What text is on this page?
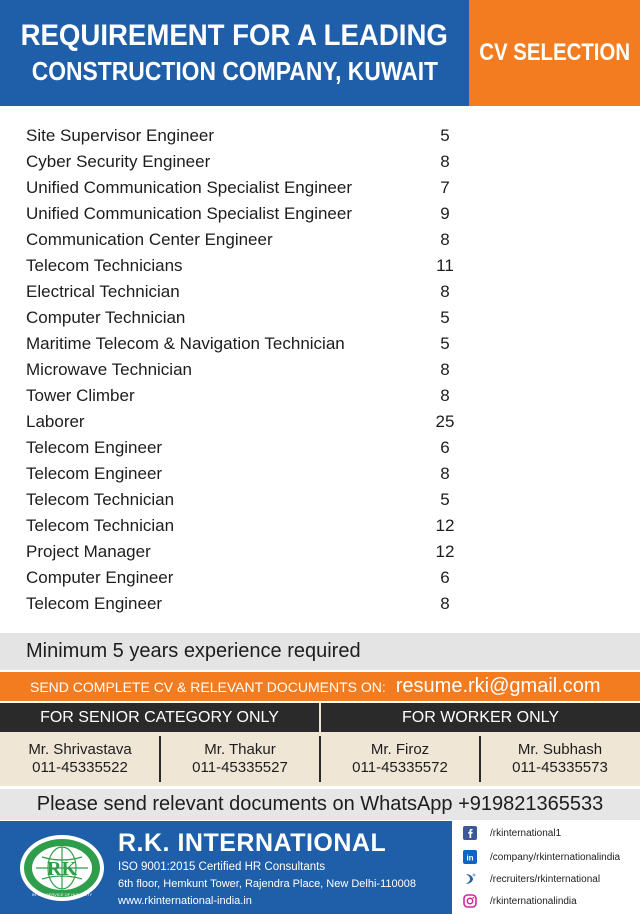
REQUIREMENT FOR A LEADING
CONSTRUCTION COMPANY, KUWAIT
CV SELECTION
Site Supervisor Engineer	5
Cyber Security Engineer	8
Unified Communication Specialist Engineer	7
Unified Communication Specialist Engineer	9
Communication Center Engineer	8
Telecom Technicians	11
Electrical Technician	8
Computer Technician	5
Maritime Telecom & Navigation Technician	5
Microwave Technician	8
Tower Climber	8
Laborer	25
Telecom Engineer	6
Telecom Engineer	8
Telecom Technician	5
Telecom Technician	12
Project Manager	12
Computer Engineer	6
Telecom Engineer	8
Minimum 5 years experience required
SEND COMPLETE CV & RELEVANT DOCUMENTS ON: resume.rki@gmail.com
FOR SENIOR CATEGORY ONLY	FOR WORKER ONLY
Mr. Shrivastava
011-45335522
Mr. Thakur
011-45335527
Mr. Firoz
011-45335572
Mr. Subhash
011-45335573
Please send relevant documents on WhatsApp +919821365533
RK
IN THE SERVICE OF HUMANITY
R.K. INTERNATIONAL
ISO 9001:2015 Certified HR Consultants
6th floor, Hemkunt Tower, Rajendra Place, New Delhi-110008
www.rkinternational-india.in
/rkinternational1
in /company/rkinternationalindia
/recruiters/rkinternational
/rkinternationalindia
